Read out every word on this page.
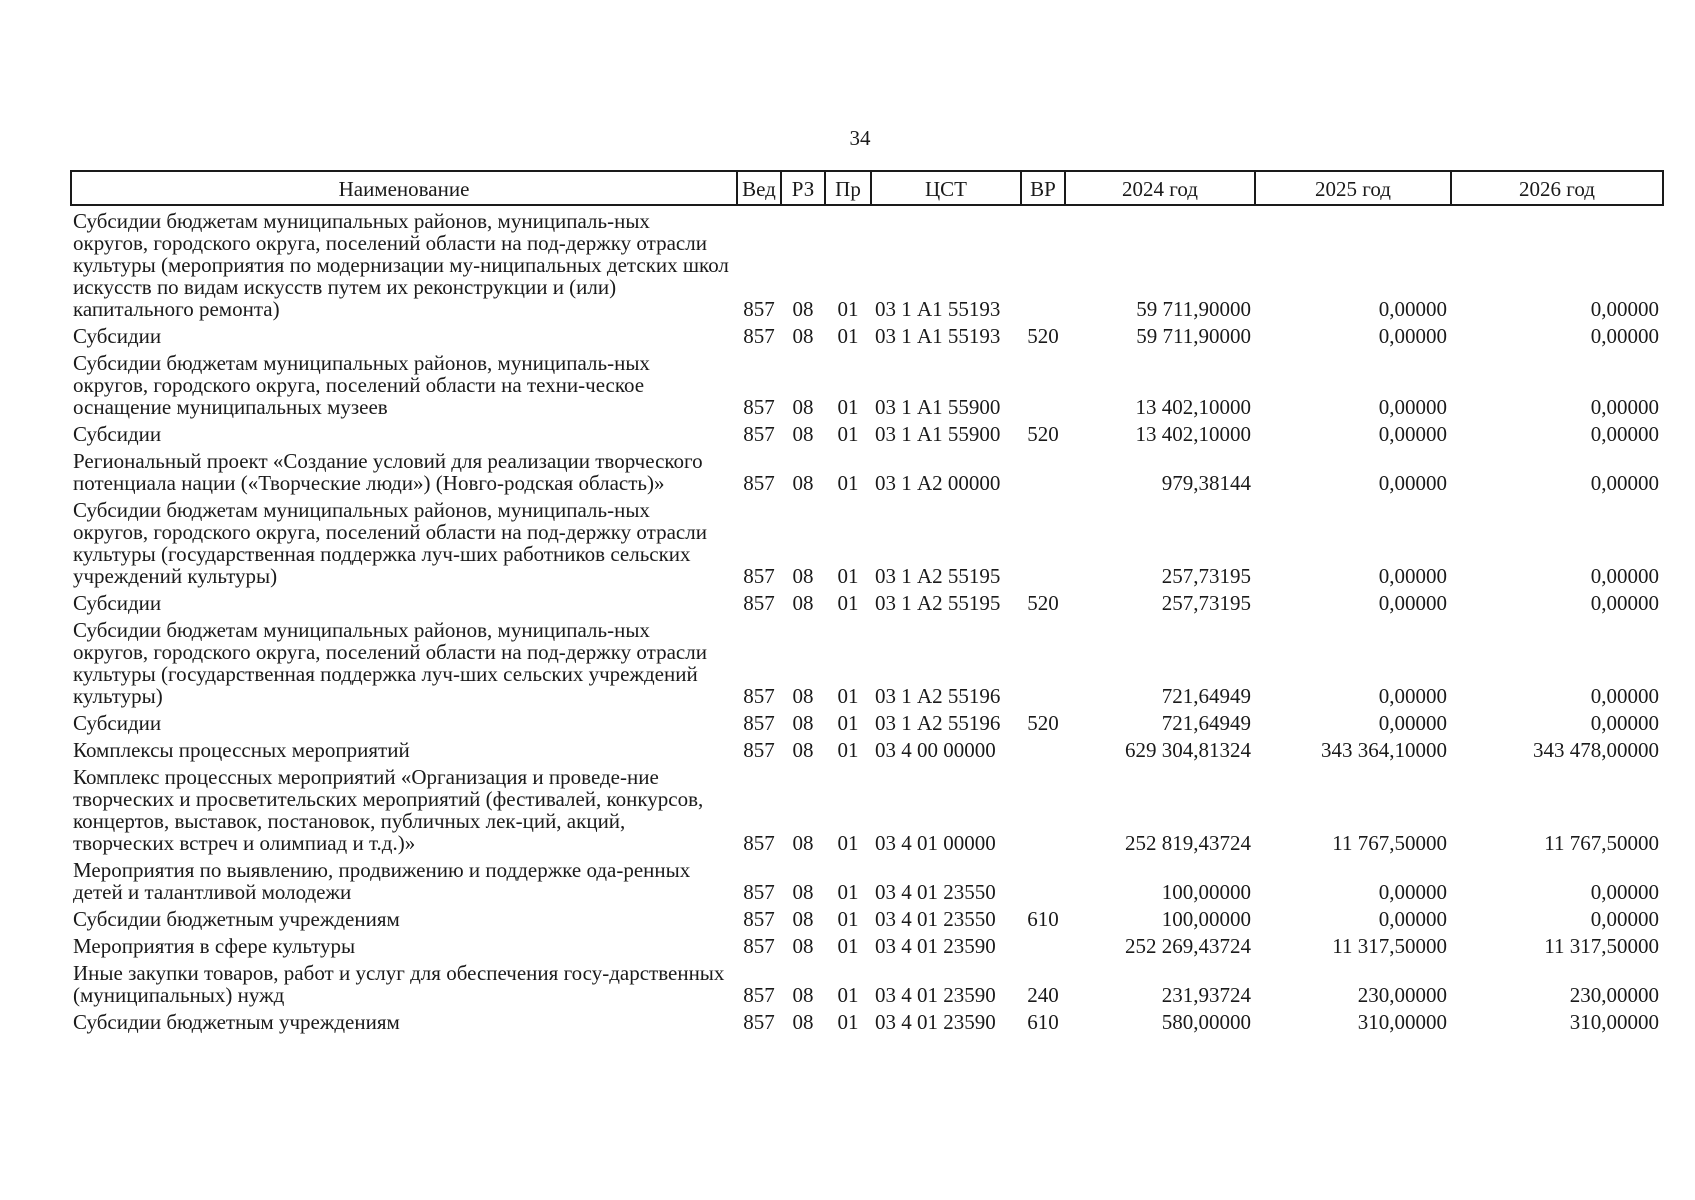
34
Наименование	Вед	РЗ	Пр	ЦСТ	ВР	2024 год	2025 год	2026 год
Субсидии бюджетам муниципальных районов, муниципаль-ных округов, городского округа, поселений области на под-держку отрасли культуры (мероприятия по модернизации му-ниципальных детских школ искусств по видам искусств путем их реконструкции и (или) капитального ремонта)	857	08	01	03 1 А1 55193		59 711,90000	0,00000	0,00000
Субсидии	857	08	01	03 1 А1 55193	520	59 711,90000	0,00000	0,00000
Субсидии бюджетам муниципальных районов, муниципаль-ных округов, городского округа, поселений области на техни-ческое оснащение муниципальных музеев	857	08	01	03 1 А1 55900		13 402,10000	0,00000	0,00000
Субсидии	857	08	01	03 1 А1 55900	520	13 402,10000	0,00000	0,00000
Региональный проект «Создание условий для реализации творческого потенциала нации («Творческие люди») (Новго-родская область)»	857	08	01	03 1 А2 00000		979,38144	0,00000	0,00000
Субсидии бюджетам муниципальных районов, муниципаль-ных округов, городского округа, поселений области на под-держку отрасли культуры (государственная поддержка луч-ших работников сельских учреждений культуры)	857	08	01	03 1 А2 55195		257,73195	0,00000	0,00000
Субсидии	857	08	01	03 1 А2 55195	520	257,73195	0,00000	0,00000
Субсидии бюджетам муниципальных районов, муниципаль-ных округов, городского округа, поселений области на под-держку отрасли культуры (государственная поддержка луч-ших сельских учреждений культуры)	857	08	01	03 1 А2 55196		721,64949	0,00000	0,00000
Субсидии	857	08	01	03 1 А2 55196	520	721,64949	0,00000	0,00000
Комплексы процессных мероприятий	857	08	01	03 4 00 00000		629 304,81324	343 364,10000	343 478,00000
Комплекс процессных мероприятий «Организация и проведе-ние творческих и просветительских мероприятий (фестивалей, конкурсов, концертов, выставок, постановок, публичных лек-ций, акций, творческих встреч и олимпиад и т.д.)»	857	08	01	03 4 01 00000		252 819,43724	11 767,50000	11 767,50000
Мероприятия по выявлению, продвижению и поддержке ода-ренных детей и талантливой молодежи	857	08	01	03 4 01 23550		100,00000	0,00000	0,00000
Субсидии бюджетным учреждениям	857	08	01	03 4 01 23550	610	100,00000	0,00000	0,00000
Мероприятия в сфере культуры	857	08	01	03 4 01 23590		252 269,43724	11 317,50000	11 317,50000
Иные закупки товаров, работ и услуг для обеспечения госу-дарственных (муниципальных) нужд	857	08	01	03 4 01 23590	240	231,93724	230,00000	230,00000
Субсидии бюджетным учреждениям	857	08	01	03 4 01 23590	610	580,00000	310,00000	310,00000
